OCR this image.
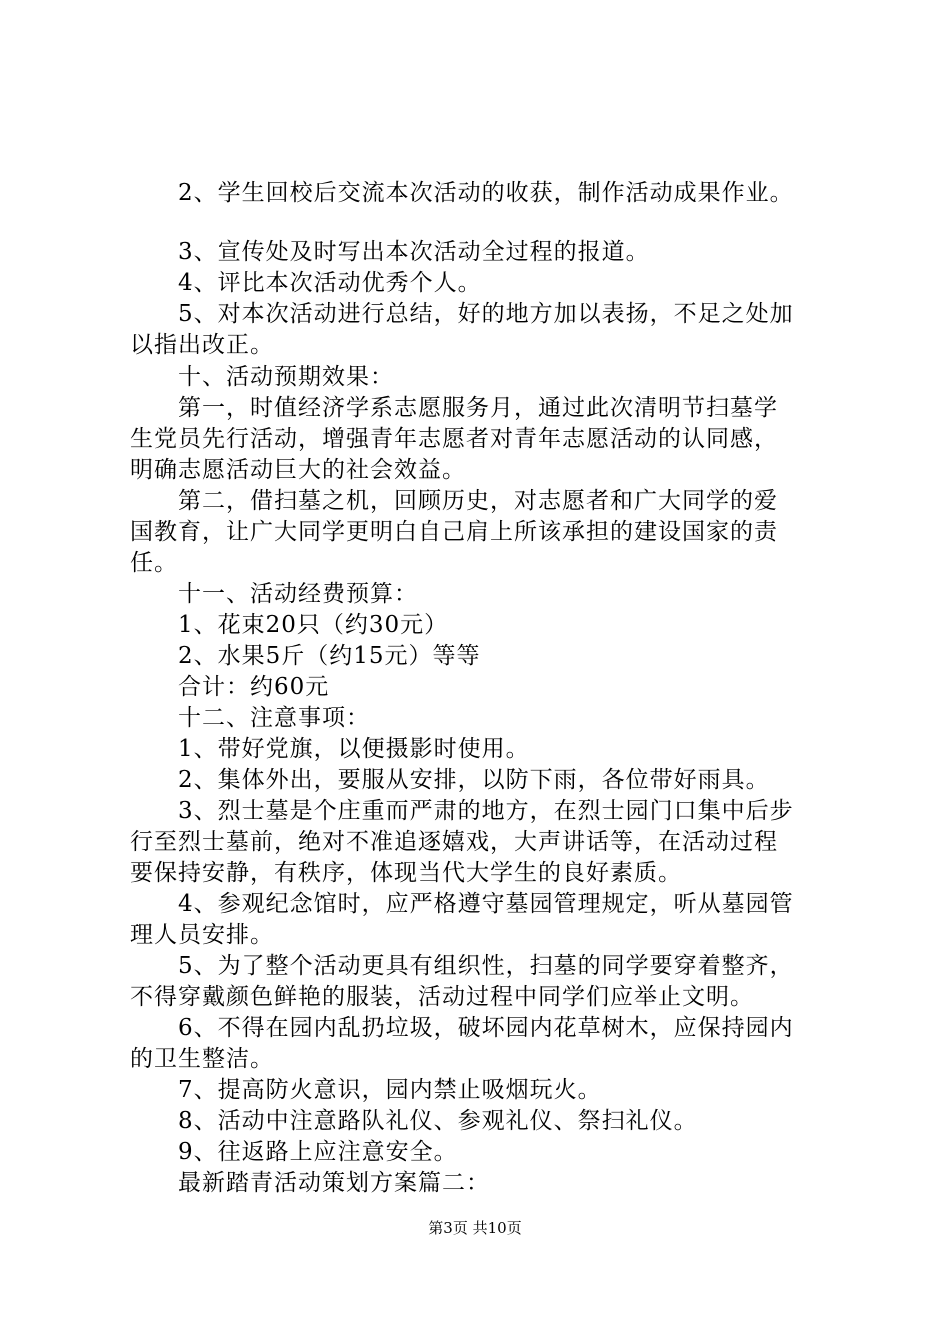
　　2、学生回校后交流本次活动的收获，制作活动成果作业。
　　3、宣传处及时写出本次活动全过程的报道。
　　4、评比本次活动优秀个人。
　　5、对本次活动进行总结，好的地方加以表扬，不足之处加
以指出改正。
　　十、活动预期效果：
　　第一，时值经济学系志愿服务月，通过此次清明节扫墓学
生党员先行活动，增强青年志愿者对青年志愿活动的认同感，
明确志愿活动巨大的社会效益。
　　第二，借扫墓之机，回顾历史，对志愿者和广大同学的爱
国教育，让广大同学更明白自己肩上所该承担的建设国家的责
任。
　　十一、活动经费预算：
　　1、花束20只（约30元）
　　2、水果5斤（约15元）等等
　　合计：约60元
　　十二、注意事项：
　　1、带好党旗，以便摄影时使用。
　　2、集体外出，要服从安排，以防下雨，各位带好雨具。
　　3、烈士墓是个庄重而严肃的地方，在烈士园门口集中后步
行至烈士墓前，绝对不准追逐嬉戏，大声讲话等，在活动过程
要保持安静，有秩序，体现当代大学生的良好素质。
　　4、参观纪念馆时，应严格遵守墓园管理规定，听从墓园管
理人员安排。
　　5、为了整个活动更具有组织性，扫墓的同学要穿着整齐，
不得穿戴颜色鲜艳的服装，活动过程中同学们应举止文明。
　　6、不得在园内乱扔垃圾，破坏园内花草树木，应保持园内
的卫生整洁。
　　7、提高防火意识，园内禁止吸烟玩火。
　　8、活动中注意路队礼仪、参观礼仪、祭扫礼仪。
　　9、往返路上应注意安全。
　　最新踏青活动策划方案篇二：
第3页 共10页
